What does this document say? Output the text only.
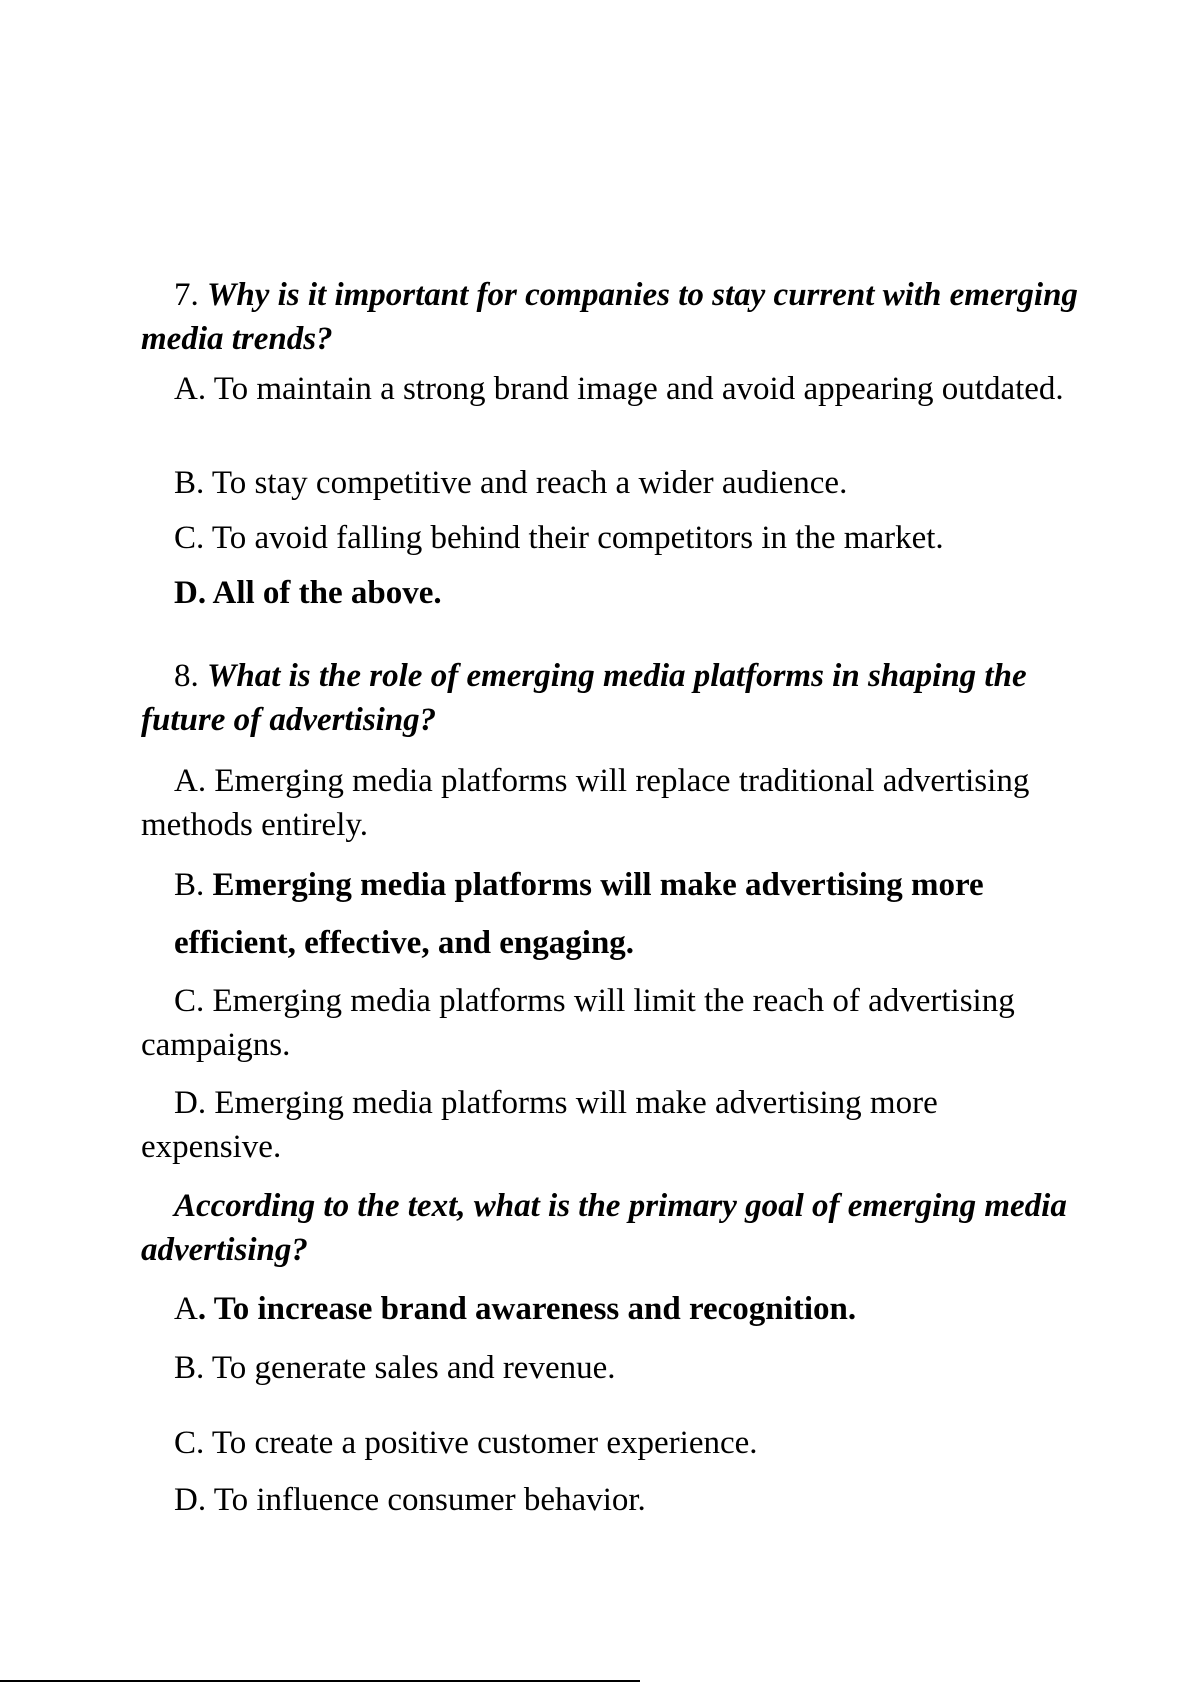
7. Why is it important for companies to stay current with emerging media trends?

A. To maintain a strong brand image and avoid appearing outdated.

B. To stay competitive and reach a wider audience.

C. To avoid falling behind their competitors in the market.

D. All of the above.

8. What is the role of emerging media platforms in shaping the future of advertising?

A. Emerging media platforms will replace traditional advertising methods entirely.

B. Emerging media platforms will make advertising more

efficient, effective, and engaging.

C. Emerging media platforms will limit the reach of advertising campaigns.

D. Emerging media platforms will make advertising more expensive.

According to the text, what is the primary goal of emerging media advertising?

A. To increase brand awareness and recognition.

B. To generate sales and revenue.

C. To create a positive customer experience.

D. To influence consumer behavior.
